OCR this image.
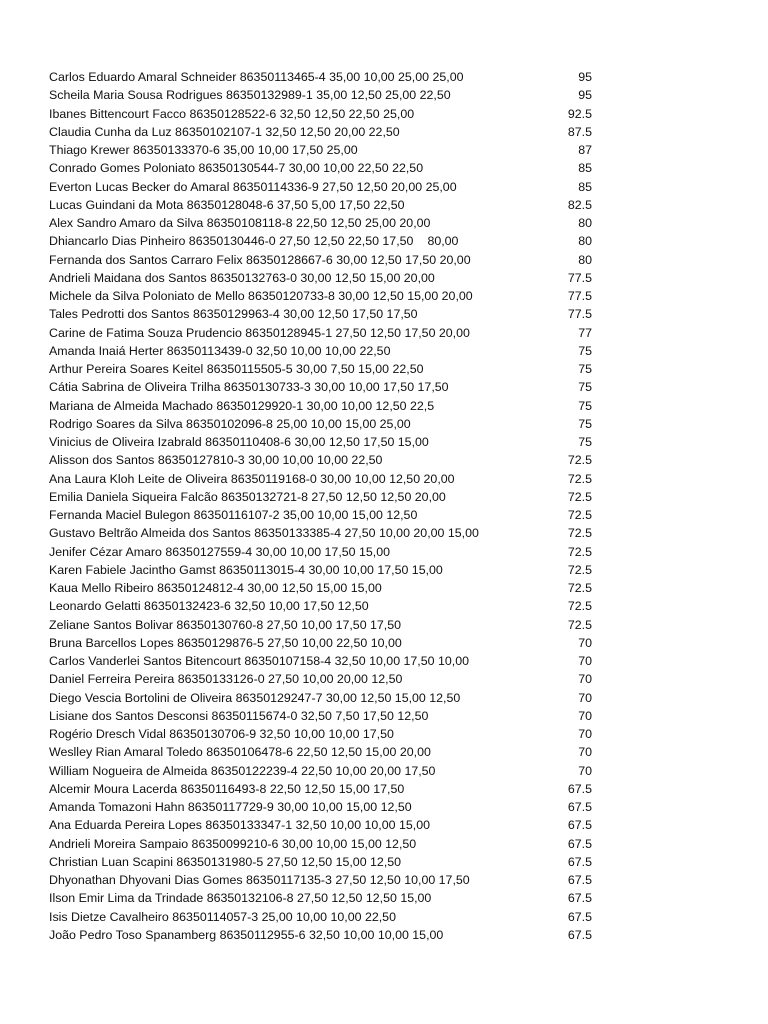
Carlos Eduardo Amaral Schneider 86350113465-4 35,00 10,00 25,00 25,00	95
Scheila Maria Sousa Rodrigues 86350132989-1 35,00 12,50 25,00 22,50	95
Ibanes Bittencourt Facco 86350128522-6 32,50 12,50 22,50 25,00	92.5
Claudia Cunha da Luz 86350102107-1 32,50 12,50 20,00 22,50	87.5
Thiago Krewer 86350133370-6 35,00 10,00 17,50 25,00	87
Conrado Gomes Poloniato 86350130544-7 30,00 10,00 22,50 22,50	85
Everton Lucas Becker do Amaral 86350114336-9 27,50 12,50 20,00 25,00	85
Lucas Guindani da Mota 86350128048-6 37,50 5,00 17,50 22,50	82.5
Alex Sandro Amaro da Silva 86350108118-8 22,50 12,50 25,00 20,00	80
Dhiancarlo Dias Pinheiro 86350130446-0 27,50 12,50 22,50 17,50 80,00	80
Fernanda dos Santos Carraro Felix 86350128667-6 30,00 12,50 17,50 20,00	80
Andrieli Maidana dos Santos 86350132763-0 30,00 12,50 15,00 20,00	77.5
Michele da Silva Poloniato de Mello 86350120733-8 30,00 12,50 15,00 20,00	77.5
Tales Pedrotti dos Santos 86350129963-4 30,00 12,50 17,50 17,50	77.5
Carine de Fatima Souza Prudencio 86350128945-1 27,50 12,50 17,50 20,00	77
Amanda Inaiá Herter 86350113439-0 32,50 10,00 10,00 22,50	75
Arthur Pereira Soares Keitel 86350115505-5 30,00 7,50 15,00 22,50	75
Cátia Sabrina de Oliveira Trilha 86350130733-3 30,00 10,00 17,50 17,50	75
Mariana de Almeida Machado 86350129920-1 30,00 10,00 12,50 22,5	75
Rodrigo Soares da Silva 86350102096-8 25,00 10,00 15,00 25,00	75
Vinicius de Oliveira Izabrald 86350110408-6 30,00 12,50 17,50 15,00	75
Alisson dos Santos 86350127810-3 30,00 10,00 10,00 22,50	72.5
Ana Laura Kloh Leite de Oliveira 86350119168-0 30,00 10,00 12,50 20,00	72.5
Emilia Daniela Siqueira Falcão 86350132721-8 27,50 12,50 12,50 20,00	72.5
Fernanda Maciel Bulegon 86350116107-2 35,00 10,00 15,00 12,50	72.5
Gustavo Beltrão Almeida dos Santos 86350133385-4 27,50 10,00 20,00 15,00	72.5
Jenifer Cézar Amaro 86350127559-4 30,00 10,00 17,50 15,00	72.5
Karen Fabiele Jacintho Gamst 86350113015-4 30,00 10,00 17,50 15,00	72.5
Kaua Mello Ribeiro 86350124812-4 30,00 12,50 15,00 15,00	72.5
Leonardo Gelatti 86350132423-6 32,50 10,00 17,50 12,50	72.5
Zeliane Santos Bolivar 86350130760-8 27,50 10,00 17,50 17,50	72.5
Bruna Barcellos Lopes 86350129876-5 27,50 10,00 22,50 10,00	70
Carlos Vanderlei Santos Bitencourt 86350107158-4 32,50 10,00 17,50 10,00	70
Daniel Ferreira Pereira 86350133126-0 27,50 10,00 20,00 12,50	70
Diego Vescia Bortolini de Oliveira 86350129247-7 30,00 12,50 15,00 12,50	70
Lisiane dos Santos Desconsi 86350115674-0 32,50 7,50 17,50 12,50	70
Rogério Dresch Vidal 86350130706-9 32,50 10,00 10,00 17,50	70
Weslley Rian Amaral Toledo 86350106478-6 22,50 12,50 15,00 20,00	70
William Nogueira de Almeida 86350122239-4 22,50 10,00 20,00 17,50	70
Alcemir Moura Lacerda 86350116493-8 22,50 12,50 15,00 17,50	67.5
Amanda Tomazoni Hahn 86350117729-9 30,00 10,00 15,00 12,50	67.5
Ana Eduarda Pereira Lopes 86350133347-1 32,50 10,00 10,00 15,00	67.5
Andrieli Moreira Sampaio 86350099210-6 30,00 10,00 15,00 12,50	67.5
Christian Luan Scapini 86350131980-5 27,50 12,50 15,00 12,50	67.5
Dhyonathan Dhyovani Dias Gomes 86350117135-3 27,50 12,50 10,00 17,50	67.5
Ilson Emir Lima da Trindade 86350132106-8 27,50 12,50 12,50 15,00	67.5
Isis Dietze Cavalheiro 86350114057-3 25,00 10,00 10,00 22,50	67.5
João Pedro Toso Spanamberg 86350112955-6 32,50 10,00 10,00 15,00	67.5
